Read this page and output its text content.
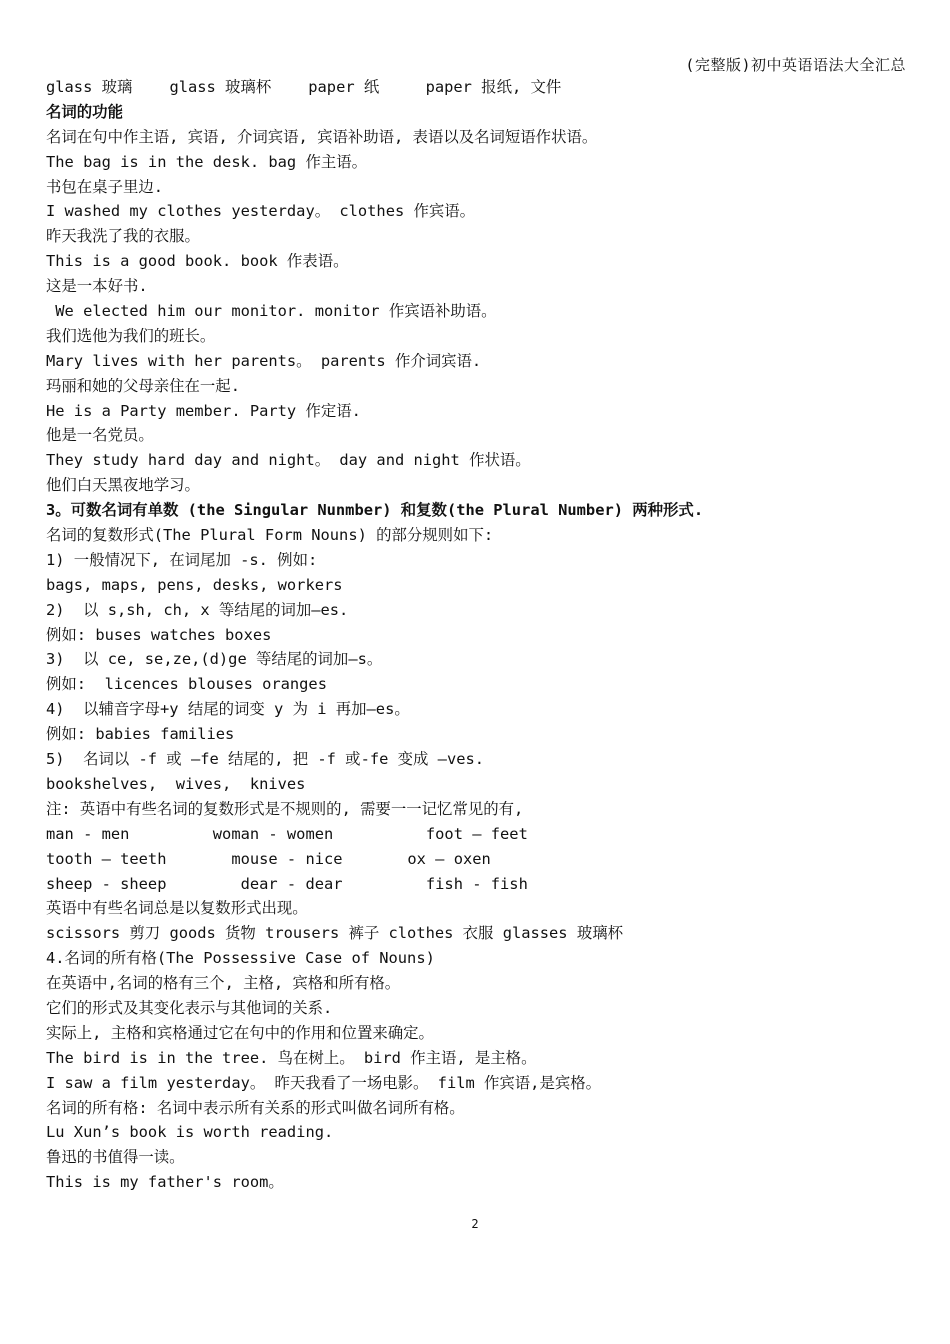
(完整版)初中英语语法大全汇总
glass 玻璃    glass 玻璃杯    paper 纸     paper 报纸, 文件
名词的功能
名词在句中作主语, 宾语, 介词宾语, 宾语补助语, 表语以及名词短语作状语。
The bag is in the desk. bag 作主语。
书包在桌子里边.
I washed my clothes yesterday。 clothes 作宾语。
昨天我洗了我的衣服。
This is a good book. book 作表语。
这是一本好书.
We elected him our monitor. monitor 作宾语补助语。
我们选他为我们的班长。
Mary lives with her parents。 parents 作介词宾语.
玛丽和她的父母亲住在一起.
He is a Party member. Party 作定语.
他是一名党员。
They study hard day and night。 day and night 作状语。
他们白天黑夜地学习。
3。可数名词有单数 (the Singular Nunmber) 和复数(the Plural Number) 两种形式.
名词的复数形式(The Plural Form Nouns) 的部分规则如下:
1) 一般情况下, 在词尾加 -s. 例如:
bags, maps, pens, desks, workers
2)  以 s,sh, ch, x 等结尾的词加—es.
例如: buses watches boxes
3)  以 ce, se,ze,(d)ge 等结尾的词加—s。
例如:  licences blouses oranges
4)  以辅音字母+y 结尾的词变 y 为 i 再加—es。
例如: babies families
5)  名词以 -f 或 —fe 结尾的, 把 -f 或-fe 变成 —ves.
bookshelves,  wives,  knives
注: 英语中有些名词的复数形式是不规则的, 需要一一记忆常见的有,
man - men         woman - women          foot — feet
tooth — teeth       mouse - nice       ox — oxen
sheep - sheep        dear - dear         fish - fish
英语中有些名词总是以复数形式出现。
scissors 剪刀 goods 货物 trousers 裤子 clothes 衣服 glasses 玻璃杯
4.名词的所有格(The Possessive Case of Nouns)
在英语中,名词的格有三个, 主格, 宾格和所有格。
它们的形式及其变化表示与其他词的关系.
实际上, 主格和宾格通过它在句中的作用和位置来确定。
The bird is in the tree. 鸟在树上。 bird 作主语, 是主格。
I saw a film yesterday。 昨天我看了一场电影。 film 作宾语,是宾格。
名词的所有格: 名词中表示所有关系的形式叫做名词所有格。
Lu Xun’s book is worth reading.
鲁迅的书值得一读。
This is my father's room。
2
